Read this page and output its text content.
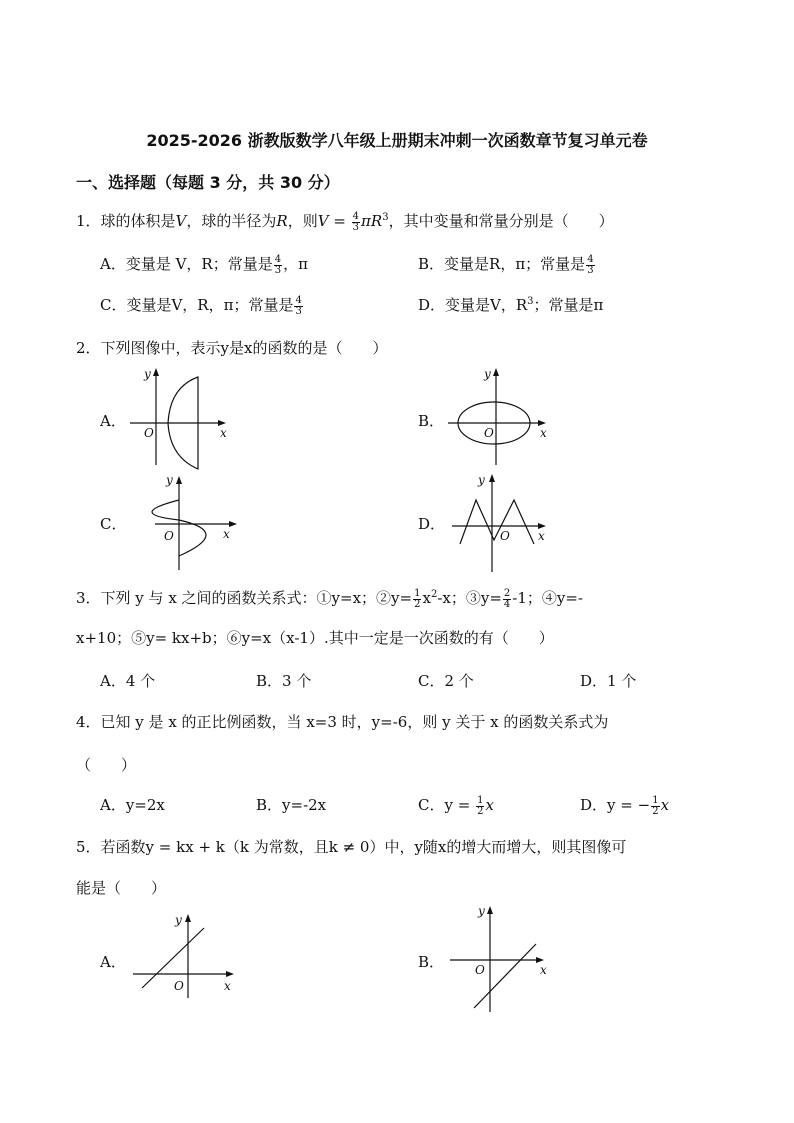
2025-2026 浙教版数学八年级上册期末冲刺一次函数章节复习单元卷
一、选择题（每题 3 分，共 30 分）
1．球的体积是V，球的半径为R，则$V = \frac{4}{3} \pi R^3$，其中变量和常量分别是（　　）
A．变量是 V，R；常量是 $\frac{4}{3}$ ，π	B．变量是R，π；常量是 $\frac{4}{3}$
C．变量是V，R，π；常量是 $\frac{4}{3}$	D．变量是V，$R^3$；常量是π
2．下列图像中，表示y是x的函数的是（　　）
A．
y
x
O
B．
y
x
O
C．
y
x
O
D．
y
x
O
3．下列 y 与 x 之间的函数关系式：①y=x；②y= $\frac{1}{2} x^2-x$；③y= $\frac{2}{4} -1$；④y=-
x+10；⑤y= kx+b；⑥y=x（x-1）.其中一定是一次函数的有（　　）
A．4 个	B．3 个	C．2 个	D．1 个
4．已知 y 是 x 的正比例函数，当 x=3 时，y=-6，则 y 关于 x 的函数关系式为
（　　）
A．y=2x	B．y=-2x	C．$y = \frac{1}{2}$ x	D．y = − $\frac{1}{2}$ x
5．若函数y = kx + k（k 为常数，且k ≠ 0）中，y随x的增大而增大，则其图像可
能是（　　）
A．
y
x
O
B．
y
x
O
